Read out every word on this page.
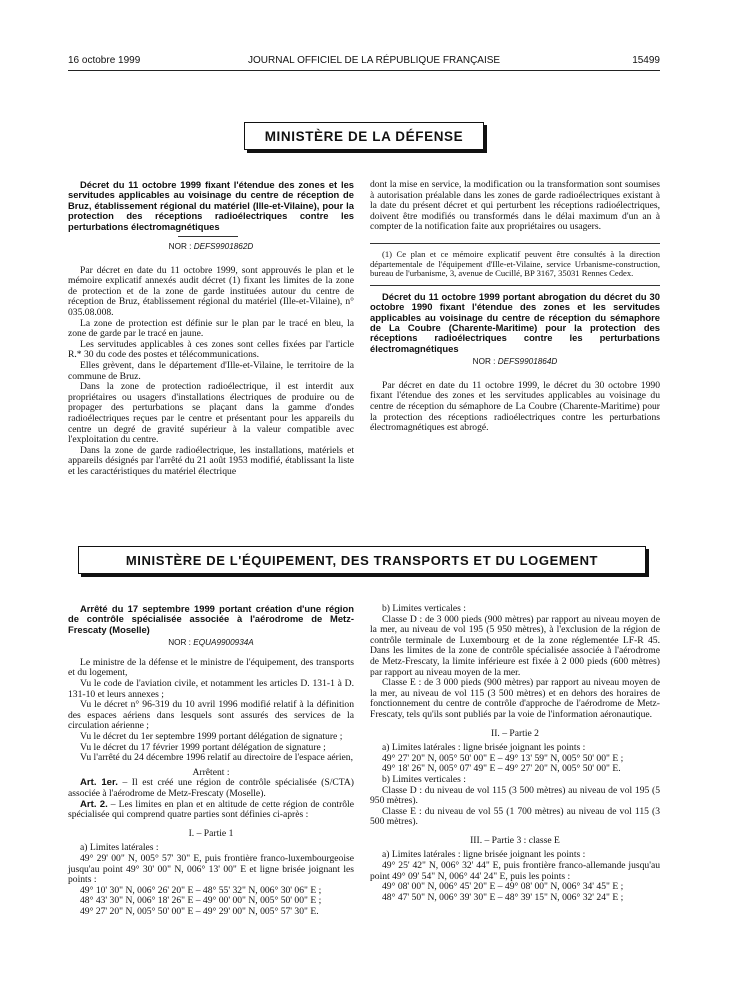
16 octobre 1999	JOURNAL OFFICIEL DE LA RÉPUBLIQUE FRANÇAISE	15499
MINISTÈRE DE LA DÉFENSE

Décret du 11 octobre 1999 fixant l'étendue des zones et les servitudes applicables au voisinage du centre de réception de Bruz, établissement régional du matériel (Ille-et-Vilaine), pour la protection des réceptions radioélectriques contre les perturbations électromagnétiques

NOR : DEFS9901862D

Par décret en date du 11 octobre 1999, sont approuvés le plan et le mémoire explicatif annexés audit décret (1) fixant les limites de la zone de protection et de la zone de garde instituées autour du centre de réception de Bruz, établissement régional du matériel (Ille-et-Vilaine), n° 035.08.008.

La zone de protection est définie sur le plan par le tracé en bleu, la zone de garde par le tracé en jaune.

Les servitudes applicables à ces zones sont celles fixées par l'article R.* 30 du code des postes et télécommunications.

Elles grèvent, dans le département d'Ille-et-Vilaine, le territoire de la commune de Bruz.

Dans la zone de protection radioélectrique, il est interdit aux propriétaires ou usagers d'installations électriques de produire ou de propager des perturbations se plaçant dans la gamme d'ondes radioélectriques reçues par le centre et présentant pour les appareils du centre un degré de gravité supérieur à la valeur compatible avec l'exploitation du centre.

Dans la zone de garde radioélectrique, les installations, matériels et appareils désignés par l'arrêté du 21 août 1953 modifié, établissant la liste et les caractéristiques du matériel électrique

dont la mise en service, la modification ou la transformation sont soumises à autorisation préalable dans les zones de garde radioélectriques existant à la date du présent décret et qui perturbent les réceptions radioélectriques, doivent être modifiés ou transformés dans le délai maximum d'un an à compter de la notification faite aux propriétaires ou usagers.

(1) Ce plan et ce mémoire explicatif peuvent être consultés à la direction départementale de l'équipement d'Ille-et-Vilaine, service Urbanisme-construction, bureau de l'urbanisme, 3, avenue de Cucillé, BP 3167, 35031 Rennes Cedex.

Décret du 11 octobre 1999 portant abrogation du décret du 30 octobre 1990 fixant l'étendue des zones et les servitudes applicables au voisinage du centre de réception du sémaphore de La Coubre (Charente-Maritime) pour la protection des réceptions radioélectriques contre les perturbations électromagnétiques

NOR : DEFS9901864D

Par décret en date du 11 octobre 1999, le décret du 30 octobre 1990 fixant l'étendue des zones et les servitudes applicables au voisinage du centre de réception du sémaphore de La Coubre (Charente-Maritime) pour la protection des réceptions radioélectriques contre les perturbations électromagnétiques est abrogé.

MINISTÈRE DE L'ÉQUIPEMENT, DES TRANSPORTS ET DU LOGEMENT

Arrêté du 17 septembre 1999 portant création d'une région de contrôle spécialisée associée à l'aérodrome de Metz-Frescaty (Moselle)

NOR : EQUA9900934A

Le ministre de la défense et le ministre de l'équipement, des transports et du logement,

Vu le code de l'aviation civile, et notamment les articles D. 131-1 à D. 131-10 et leurs annexes ;

Vu le décret n° 96-319 du 10 avril 1996 modifié relatif à la définition des espaces aériens dans lesquels sont assurés des services de la circulation aérienne ;

Vu le décret du 1er septembre 1999 portant délégation de signature ;

Vu le décret du 17 février 1999 portant délégation de signature ;

Vu l'arrêté du 24 décembre 1996 relatif au directoire de l'espace aérien,

Arrêtent :

Art. 1er. – Il est créé une région de contrôle spécialisée (S/CTA) associée à l'aérodrome de Metz-Frescaty (Moselle).

Art. 2. – Les limites en plan et en altitude de cette région de contrôle spécialisée qui comprend quatre parties sont définies ci-après :

I. – Partie 1

a) Limites latérales :

49° 29' 00" N, 005° 57' 30" E, puis frontière franco-luxembourgeoise jusqu'au point 49° 30' 00" N, 006° 13' 00" E et ligne brisée joignant les points :

49° 10' 30" N, 006° 26' 20" E – 48° 55' 32" N, 006° 30' 06" E ;

48° 43' 30" N, 006° 18' 26" E – 49° 00' 00" N, 005° 50' 00" E ;

49° 27' 20" N, 005° 50' 00" E – 49° 29' 00" N, 005° 57' 30" E.

b) Limites verticales :

Classe D : de 3 000 pieds (900 mètres) par rapport au niveau moyen de la mer, au niveau de vol 195 (5 950 mètres), à l'exclusion de la région de contrôle terminale de Luxembourg et de la zone réglementée LF-R 45. Dans les limites de la zone de contrôle spécialisée associée à l'aérodrome de Metz-Frescaty, la limite inférieure est fixée à 2 000 pieds (600 mètres) par rapport au niveau moyen de la mer.

Classe E : de 3 000 pieds (900 mètres) par rapport au niveau moyen de la mer, au niveau de vol 115 (3 500 mètres) et en dehors des horaires de fonctionnement du centre de contrôle d'approche de l'aérodrome de Metz-Frescaty, tels qu'ils sont publiés par la voie de l'information aéronautique.

II. – Partie 2

a) Limites latérales : ligne brisée joignant les points :

49° 27' 20" N, 005° 50' 00" E – 49° 13' 59" N, 005° 50' 00" E ;

49° 18' 26" N, 005° 07' 49" E – 49° 27' 20" N, 005° 50' 00" E.

b) Limites verticales :

Classe D : du niveau de vol 115 (3 500 mètres) au niveau de vol 195 (5 950 mètres).

Classe E : du niveau de vol 55 (1 700 mètres) au niveau de vol 115 (3 500 mètres).

III. – Partie 3 : classe E

a) Limites latérales : ligne brisée joignant les points :

49° 25' 42" N, 006° 32' 44" E, puis frontière franco-allemande jusqu'au point 49° 09' 54" N, 006° 44' 24" E, puis les points :

49° 08' 00" N, 006° 45' 20" E – 49° 08' 00" N, 006° 34' 45" E ;

48° 47' 50" N, 006° 39' 30" E – 48° 39' 15" N, 006° 32' 24" E ;
